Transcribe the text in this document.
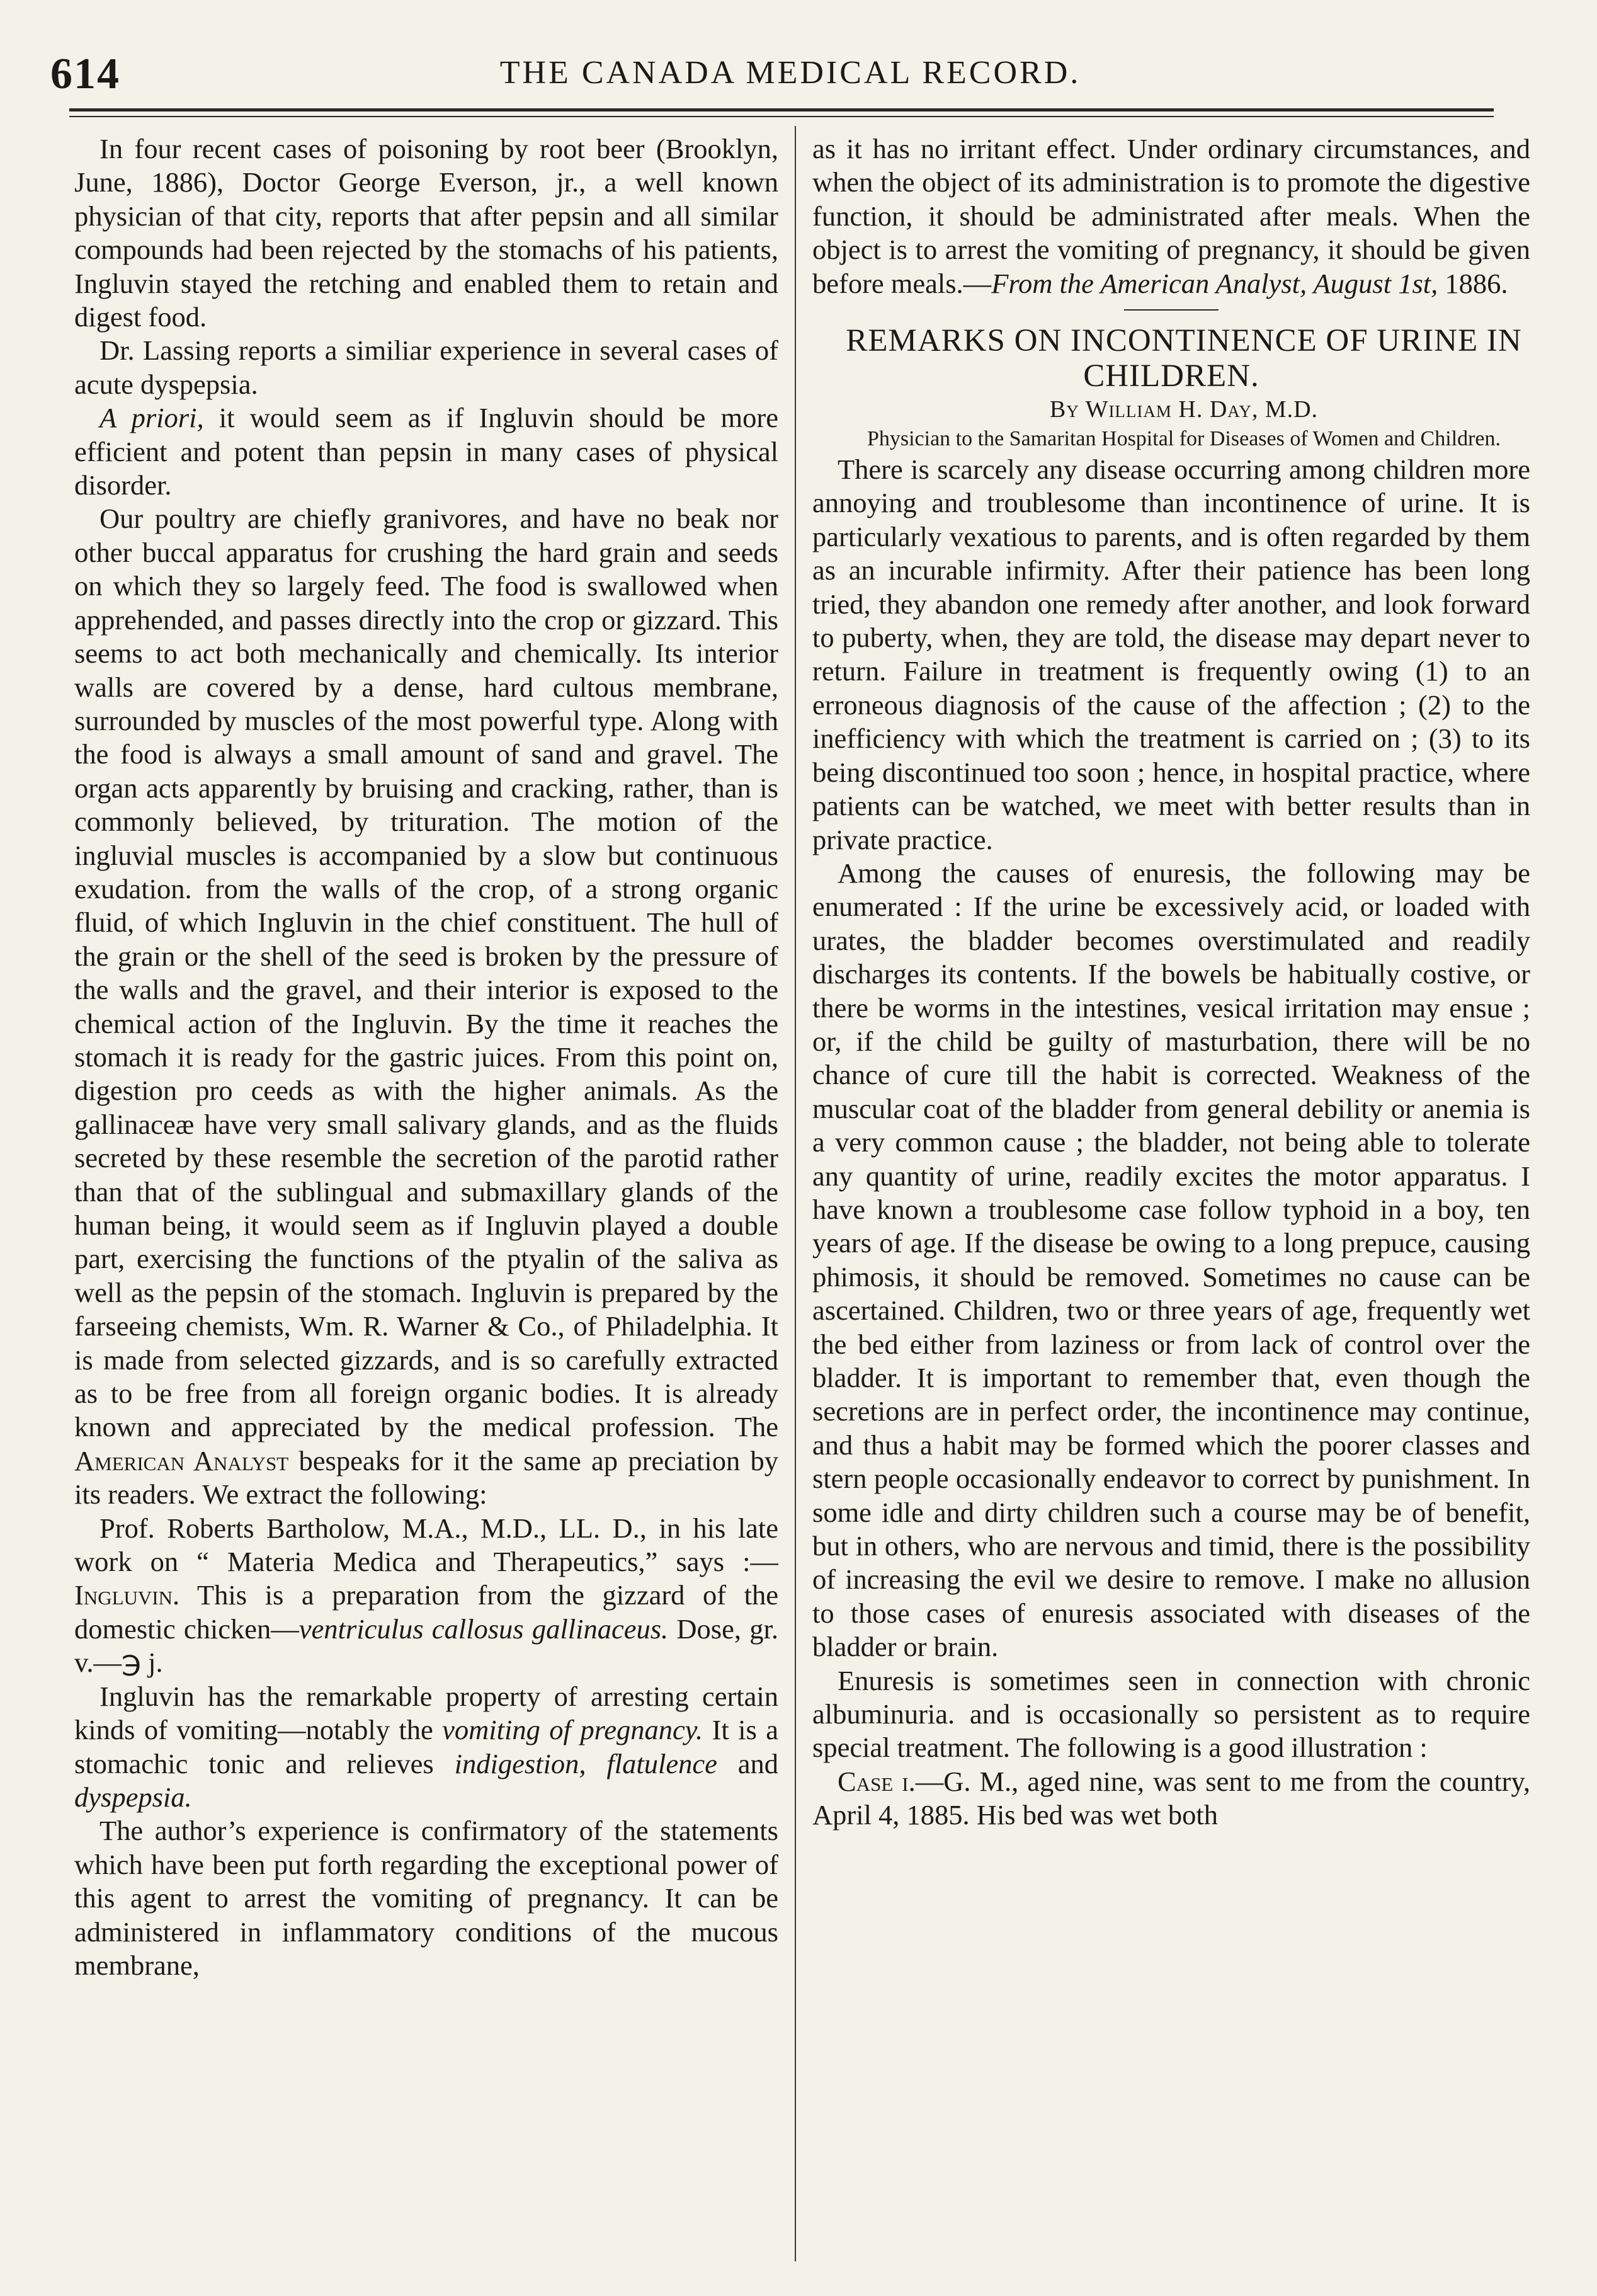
614	THE CANADA MEDICAL RECORD.

In four recent cases of poisoning by root beer (Brooklyn, June, 1886), Doctor George Everson, jr., a well known physician of that city, reports that after pepsin and all similar compounds had been rejected by the stomachs of his patients, Ingluvin stayed the retching and enabled them to retain and digest food.

Dr. Lassing reports a similiar experience in several cases of acute dyspepsia.

A priori, it would seem as if Ingluvin should be more efficient and potent than pepsin in many cases of physical disorder.

Our poultry are chiefly granivores, and have no beak nor other buccal apparatus for crushing the hard grain and seeds on which they so largely feed. The food is swallowed when apprehended, and passes directly into the crop or gizzard. This seems to act both mechanically and chemically. Its interior walls are covered by a dense, hard cultous membrane, surrounded by muscles of the most powerful type. Along with the food is always a small amount of sand and gravel. The organ acts apparently by bruising and cracking, rather, than is commonly believed, by trituration. The motion of the ingluvial muscles is accompanied by a slow but continuous exudation. from the walls of the crop, of a strong organic fluid, of which Ingluvin in the chief constituent. The hull of the grain or the shell of the seed is broken by the pressure of the walls and the gravel, and their interior is exposed to the chemical action of the Ingluvin. By the time it reaches the stomach it is ready for the gastric juices. From this point on, digestion pro ceeds as with the higher animals. As the gallinaceæ have very small salivary glands, and as the fluids secreted by these resemble the secretion of the parotid rather than that of the sublingual and submaxillary glands of the human being, it would seem as if Ingluvin played a double part, exercising the functions of the ptyalin of the saliva as well as the pepsin of the stomach. Ingluvin is prepared by the farseeing chemists, Wm. R. Warner & Co., of Philadelphia. It is made from selected gizzards, and is so carefully extracted as to be free from all foreign organic bodies. It is already known and appreciated by the medical profession. The American Analyst bespeaks for it the same ap preciation by its readers. We extract the following:

Prof. Roberts Bartholow, M.A., M.D., LL. D., in his late work on “ Materia Medica and Therapeutics,” says :—Ingluvin. This is a preparation from the gizzard of the domestic chicken—ventriculus callosus gallinaceus. Dose, gr. v.—℈ j.

Ingluvin has the remarkable property of arresting certain kinds of vomiting—notably the vomiting of pregnancy. It is a stomachic tonic and relieves indigestion, flatulence and dyspepsia.

The author’s experience is confirmatory of the statements which have been put forth regarding the exceptional power of this agent to arrest the vomiting of pregnancy. It can be administered in inflammatory conditions of the mucous membrane,

as it has no irritant effect. Under ordinary circumstances, and when the object of its administration is to promote the digestive function, it should be administrated after meals. When the object is to arrest the vomiting of pregnancy, it should be given before meals.—From the American Analyst, August 1st, 1886.

REMARKS ON INCONTINENCE OF URINE IN CHILDREN.

By William H. Day, M.D.

Physician to the Samaritan Hospital for Diseases of Women and Children.

There is scarcely any disease occurring among children more annoying and troublesome than incontinence of urine. It is particularly vexatious to parents, and is often regarded by them as an incurable infirmity. After their patience has been long tried, they abandon one remedy after another, and look forward to puberty, when, they are told, the disease may depart never to return. Failure in treatment is frequently owing (1) to an erroneous diagnosis of the cause of the affection ; (2) to the inefficiency with which the treatment is carried on ; (3) to its being discontinued too soon ; hence, in hospital practice, where patients can be watched, we meet with better results than in private practice.

Among the causes of enuresis, the following may be enumerated : If the urine be excessively acid, or loaded with urates, the bladder becomes overstimulated and readily discharges its contents. If the bowels be habitually costive, or there be worms in the intestines, vesical irritation may ensue ; or, if the child be guilty of masturbation, there will be no chance of cure till the habit is corrected. Weakness of the muscular coat of the bladder from general debility or anemia is a very common cause ; the bladder, not being able to tolerate any quantity of urine, readily excites the motor apparatus. I have known a troublesome case follow typhoid in a boy, ten years of age. If the disease be owing to a long prepuce, causing phimosis, it should be removed. Sometimes no cause can be ascertained. Children, two or three years of age, frequently wet the bed either from laziness or from lack of control over the bladder. It is important to remember that, even though the secretions are in perfect order, the incontinence may continue, and thus a habit may be formed which the poorer classes and stern people occasionally endeavor to correct by punishment. In some idle and dirty children such a course may be of benefit, but in others, who are nervous and timid, there is the possibility of increasing the evil we desire to remove. I make no allusion to those cases of enuresis associated with diseases of the bladder or brain.

Enuresis is sometimes seen in connection with chronic albuminuria. and is occasionally so persistent as to require special treatment. The following is a good illustration :

Case i.—G. M., aged nine, was sent to me from the country, April 4, 1885. His bed was wet both
